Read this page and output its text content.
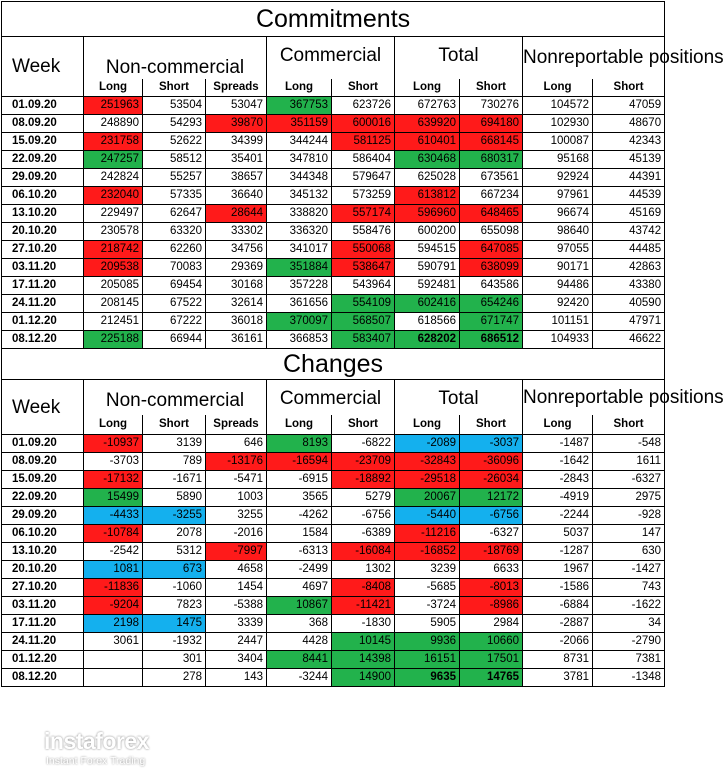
Commitments									
Week	Non-commercial			Commercial		Total		Nonreportable positions	
	Long	Short	Spreads	Long	Short	Long	Short	Long	Short
01.09.20	251963	53504	53047	367753	623726	672763	730276	104572	47059
08.09.20	248890	54293	39870	351159	600016	639920	694180	102930	48670
15.09.20	231758	52622	34399	344244	581125	610401	668145	100087	42343
22.09.20	247257	58512	35401	347810	586404	630468	680317	95168	45139
29.09.20	242824	55257	38657	344348	579647	625028	673561	92924	44391
06.10.20	232040	57335	36640	345132	573259	613812	667234	97961	44539
13.10.20	229497	62647	28644	338820	557174	596960	648465	96674	45169
20.10.20	230578	63320	33302	336320	558476	600200	655098	98640	43742
27.10.20	218742	62260	34756	341017	550068	594515	647085	97055	44485
03.11.20	209538	70083	29369	351884	538647	590791	638099	90171	42863
17.11.20	205085	69454	30168	357228	543964	592481	643586	94486	43380
24.11.20	208145	67522	32614	361656	554109	602416	654246	92420	40590
01.12.20	212451	67222	36018	370097	568507	618566	671747	101151	47971
08.12.20	225188	66944	36161	366853	583407	628202	686512	104933	46622
Changes									
Week	Non-commercial			Commercial		Total		Nonreportable positions	
	Long	Short	Spreads	Long	Short	Long	Short	Long	Short
01.09.20	-10937	3139	646	8193	-6822	-2089	-3037	-1487	-548
08.09.20	-3703	789	-13176	-16594	-23709	-32843	-36096	-1642	1611
15.09.20	-17132	-1671	-5471	-6915	-18892	-29518	-26034	-2843	-6327
22.09.20	15499	5890	1003	3565	5279	20067	12172	-4919	2975
29.09.20	-4433	-3255	3255	-4262	-6756	-5440	-6756	-2244	-928
06.10.20	-10784	2078	-2016	1584	-6389	-11216	-6327	5037	147
13.10.20	-2542	5312	-7997	-6313	-16084	-16852	-18769	-1287	630
20.10.20	1081	673	4658	-2499	1302	3239	6633	1967	-1427
27.10.20	-11836	-1060	1454	4697	-8408	-5685	-8013	-1586	743
03.11.20	-9204	7823	-5388	10867	-11421	-3724	-8986	-6884	-1622
17.11.20	2198	1475	3339	368	-1830	5905	2984	-2887	34
24.11.20	3061	-1932	2447	4428	10145	9936	10660	-2066	-2790
01.12.20		301	3404	8441	14398	16151	17501	8731	7381
08.12.20		278	143	-3244	14900	9635	14765	3781	-1348
instaforex
Instant Forex Trading
